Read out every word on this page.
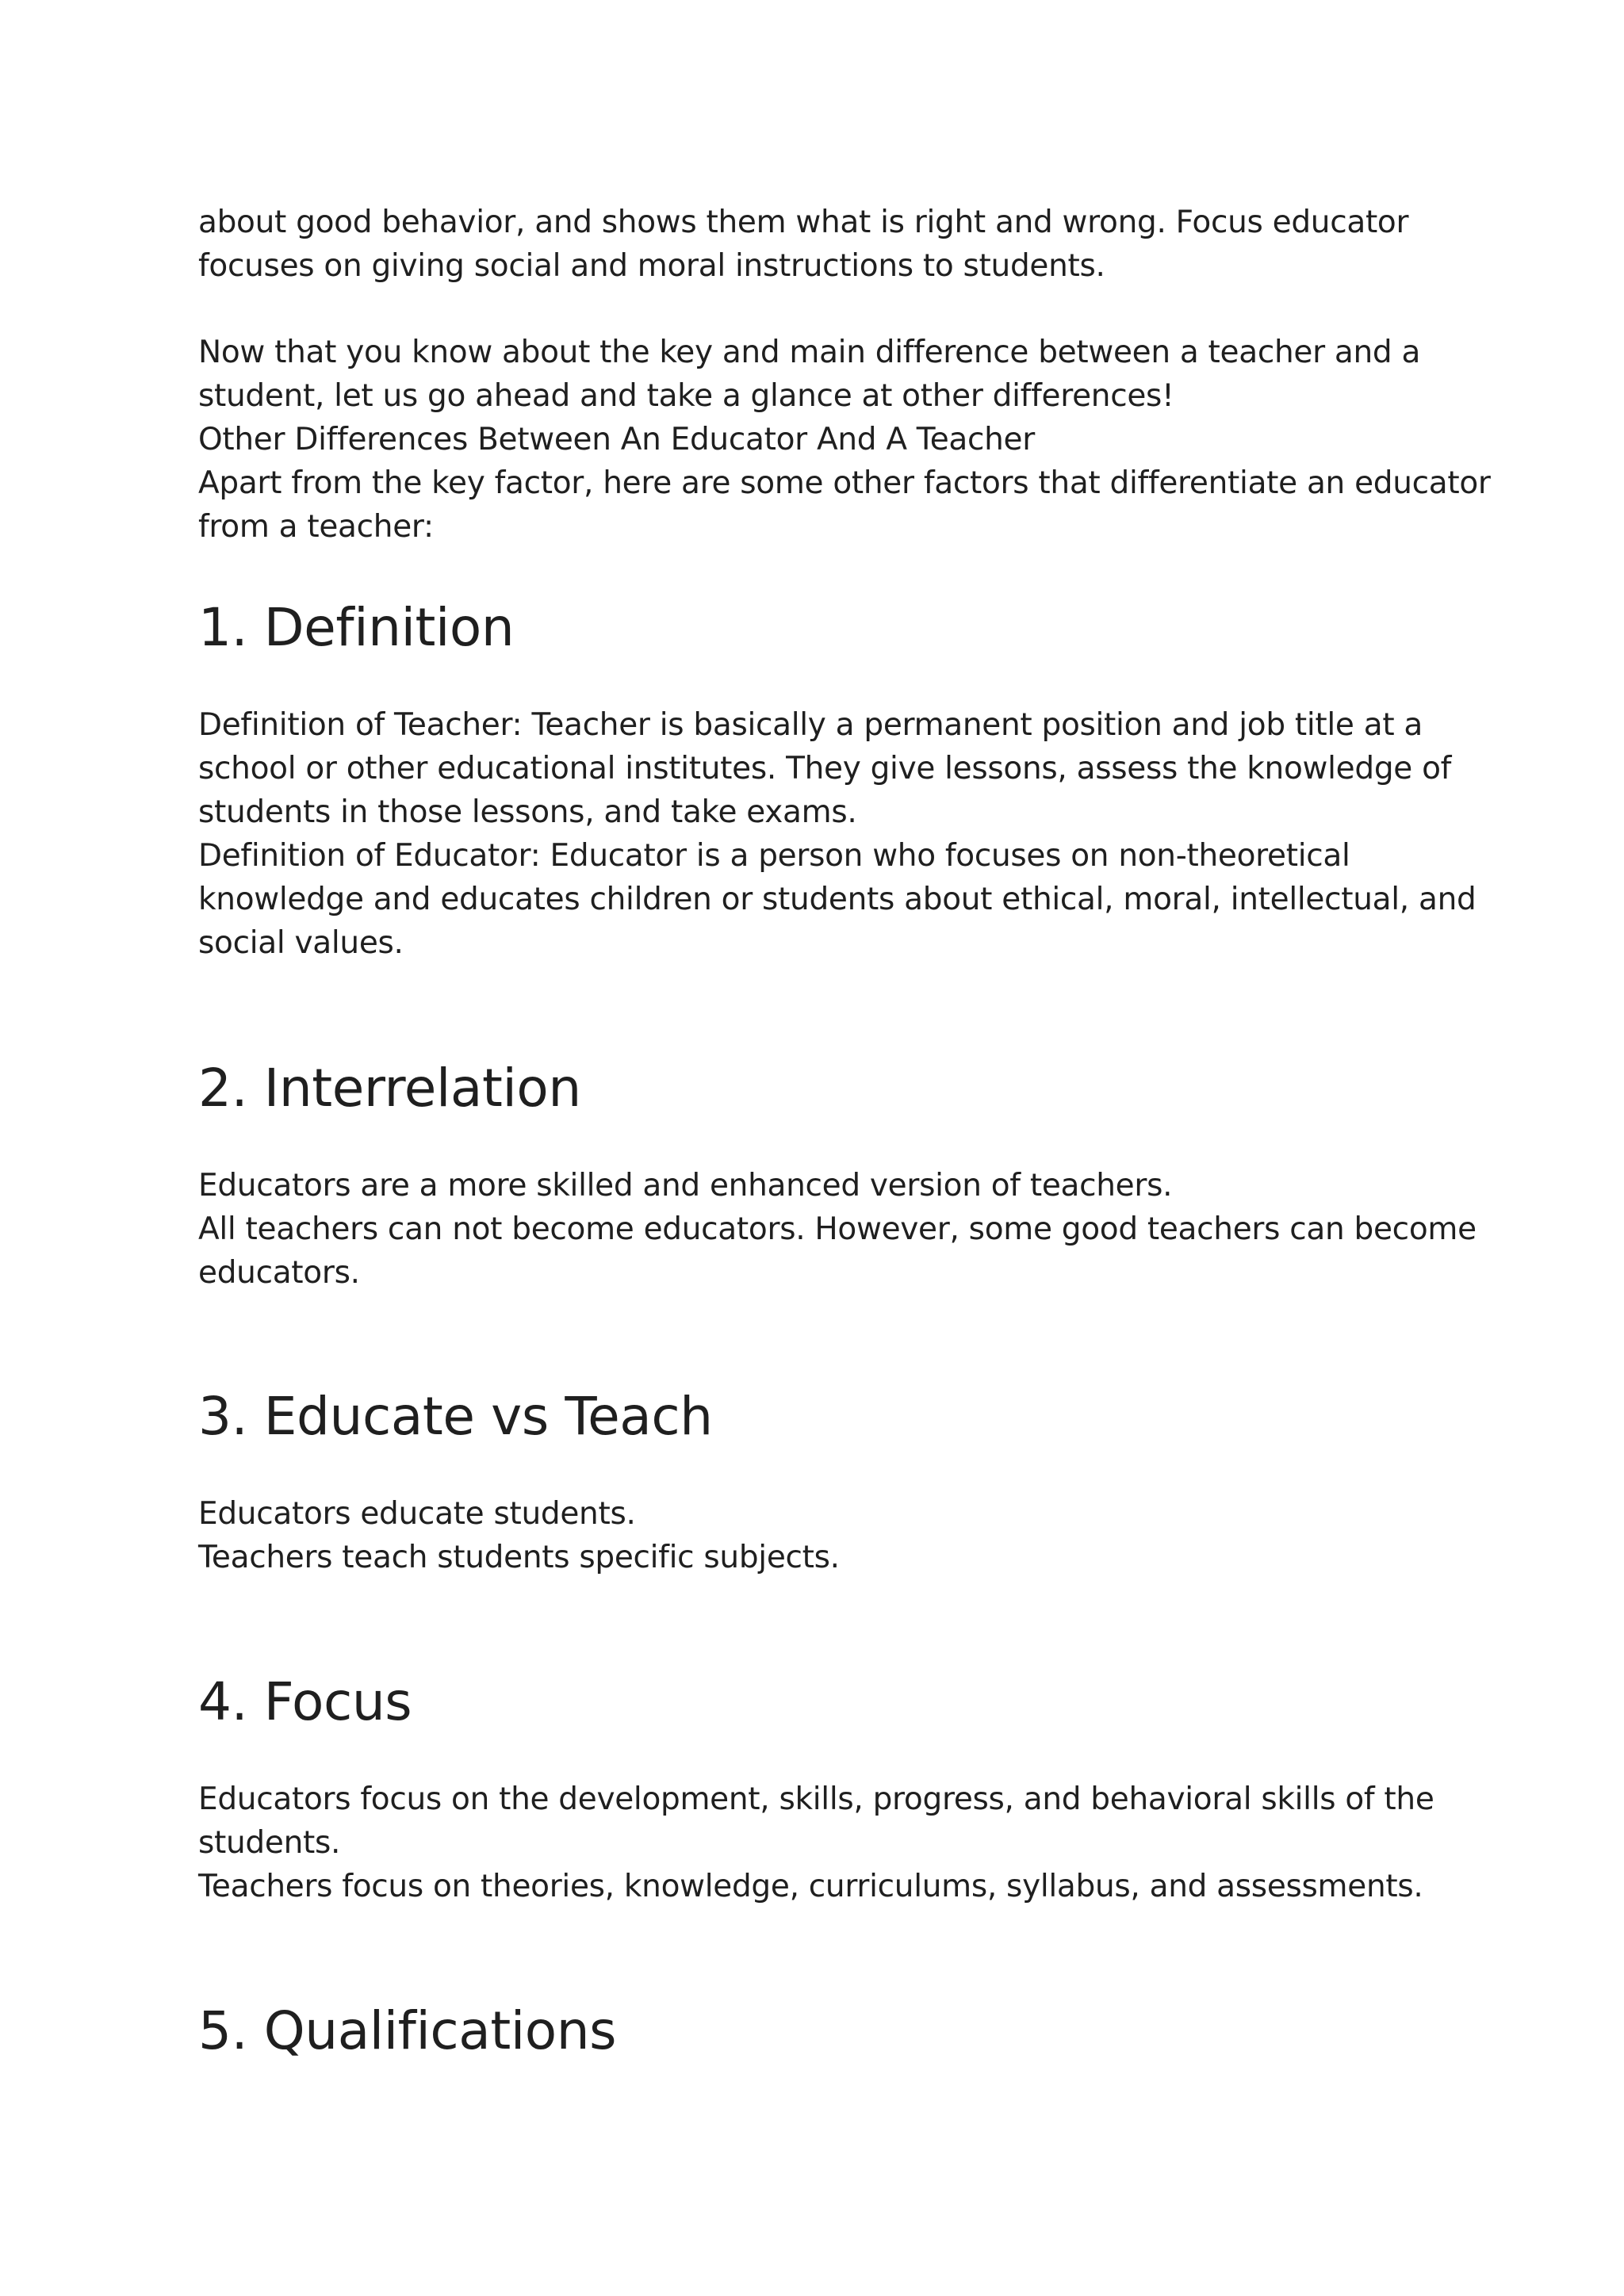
about good behavior, and shows them what is right and wrong. Focus educator

focuses on giving social and moral instructions to students.

Now that you know about the key and main difference between a teacher and a

student, let us go ahead and take a glance at other differences!

Other Differences Between An Educator And A Teacher

Apart from the key factor, here are some other factors that differentiate an educator

from a teacher:

1. Definition

Definition of Teacher: Teacher is basically a permanent position and job title at a

school or other educational institutes. They give lessons, assess the knowledge of

students in those lessons, and take exams.

Definition of Educator: Educator is a person who focuses on non-theoretical

knowledge and educates children or students about ethical, moral, intellectual, and

social values.

2. Interrelation

Educators are a more skilled and enhanced version of teachers.

All teachers can not become educators. However, some good teachers can become

educators.

3. Educate vs Teach

Educators educate students.

Teachers teach students specific subjects.

4. Focus

Educators focus on the development, skills, progress, and behavioral skills of the

students.

Teachers focus on theories, knowledge, curriculums, syllabus, and assessments.

5. Qualifications
